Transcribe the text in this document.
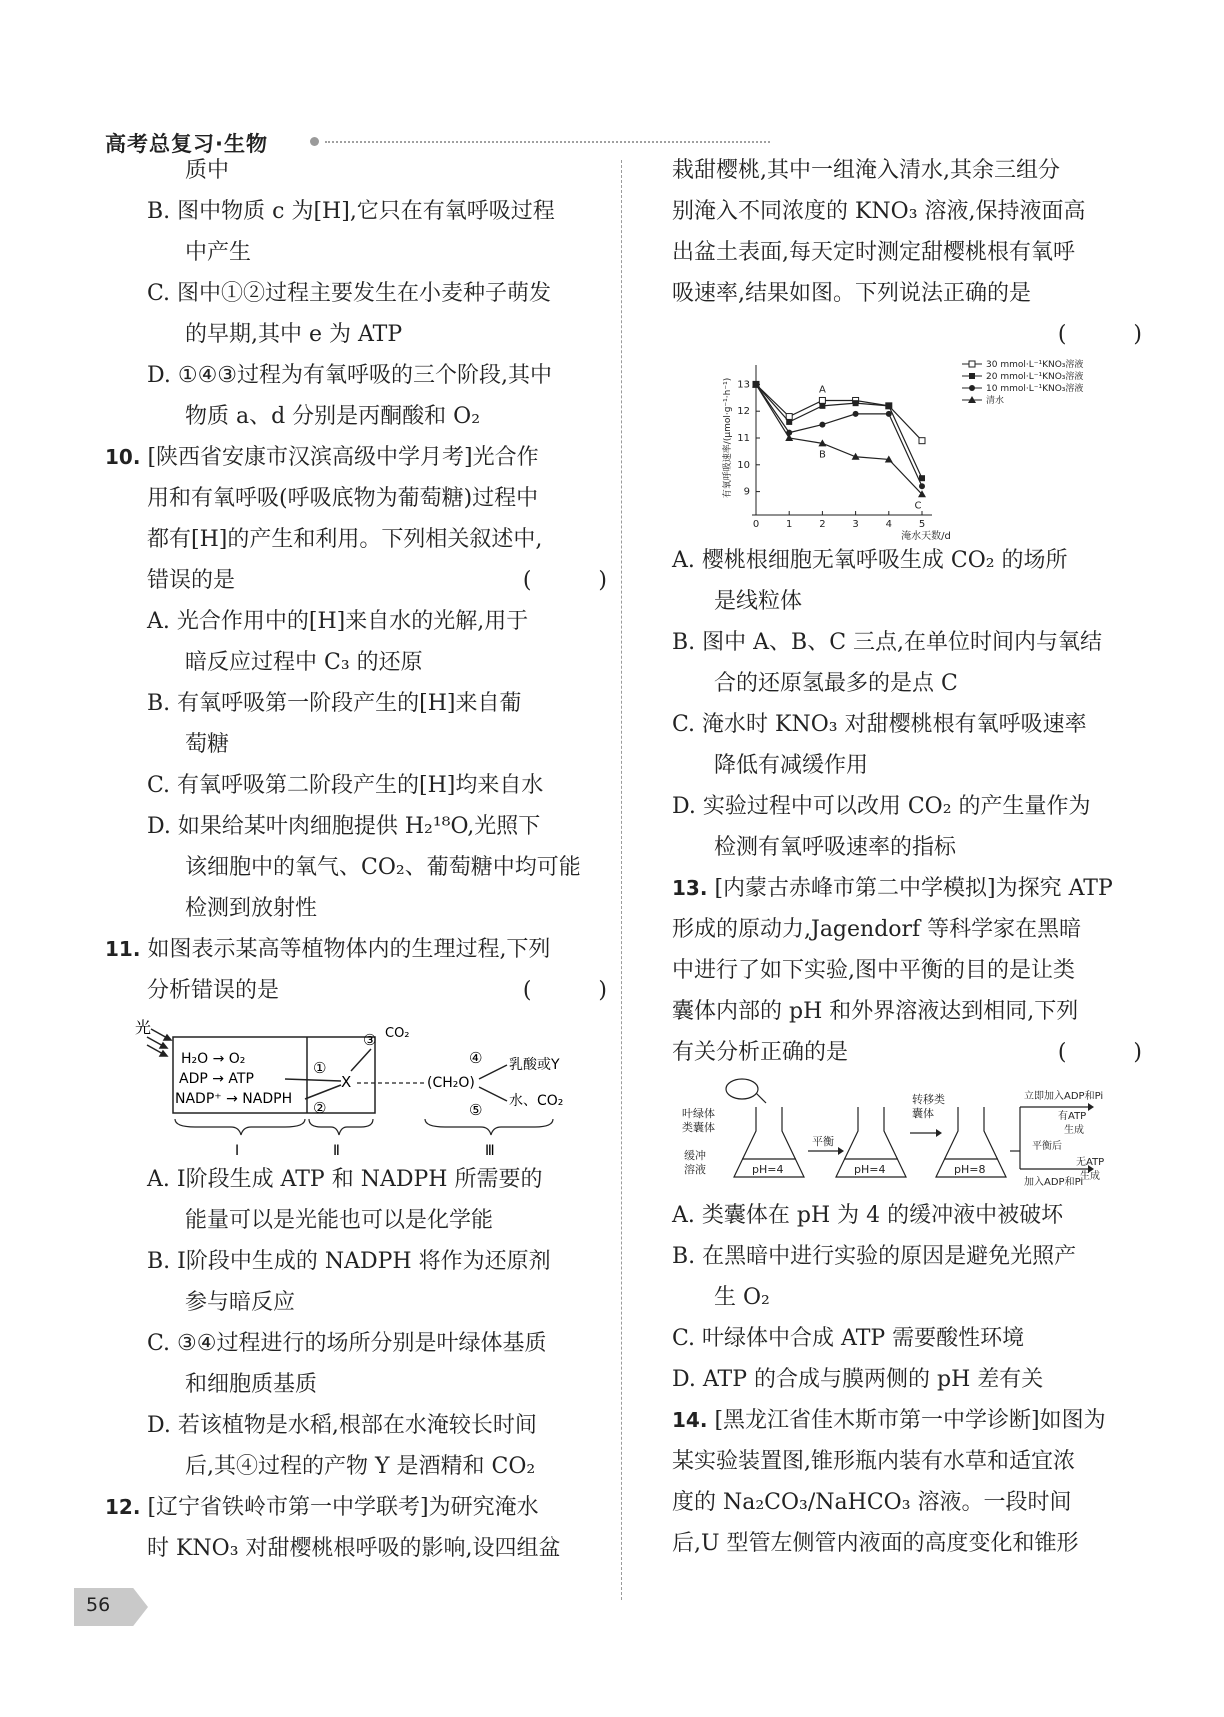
高考总复习·生物
质中
B. 图中物质 c 为[H],它只在有氧呼吸过程
中产生
C. 图中①②过程主要发生在小麦种子萌发
的早期,其中 e 为 ATP
D. ①④③过程为有氧呼吸的三个阶段,其中
物质 a、d 分别是丙酮酸和 O₂
10. [陕西省安康市汉滨高级中学月考]光合作
用和有氧呼吸(呼吸底物为葡萄糖)过程中
都有[H]的产生和利用。下列相关叙述中,
错误的是	( )
A. 光合作用中的[H]来自水的光解,用于
暗反应过程中 C₃ 的还原
B. 有氧呼吸第一阶段产生的[H]来自葡
萄糖
C. 有氧呼吸第二阶段产生的[H]均来自水
D. 如果给某叶肉细胞提供 H₂¹⁸O,光照下
该细胞中的氧气、CO₂、葡萄糖中均可能
检测到放射性
11. 如图表示某高等植物体内的生理过程,下列
分析错误的是	( )
光
H₂O → O₂
ADP → ATP
NADP⁺ → NADPH
①
②
X
③ CO₂
(CH₂O)
④
⑤
乳酸或Y
水、CO₂
Ⅰ	Ⅱ	Ⅲ
A. Ⅰ阶段生成 ATP 和 NADPH 所需要的
能量可以是光能也可以是化学能
B. Ⅰ阶段中生成的 NADPH 将作为还原剂
参与暗反应
C. ③④过程进行的场所分别是叶绿体基质
和细胞质基质
D. 若该植物是水稻,根部在水淹较长时间
后,其④过程的产物 Y 是酒精和 CO₂
12. [辽宁省铁岭市第一中学联考]为研究淹水
时 KNO₃ 对甜樱桃根呼吸的影响,设四组盆
栽甜樱桃,其中一组淹入清水,其余三组分
别淹入不同浓度的 KNO₃ 溶液,保持液面高
出盆土表面,每天定时测定甜樱桃根有氧呼
吸速率,结果如图。下列说法正确的是
( )
9
10
11
12
13
0	1	2	3	4	5
淹水天数/d
有氧呼吸速率/(μmol·g⁻¹·h⁻¹)
30 mmol·L⁻¹KNO₃溶液
20 mmol·L⁻¹KNO₃溶液
10 mmol·L⁻¹KNO₃溶液
清水
A
B
C
A. 樱桃根细胞无氧呼吸生成 CO₂ 的场所
是线粒体
B. 图中 A、B、C 三点,在单位时间内与氧结
合的还原氢最多的是点 C
C. 淹水时 KNO₃ 对甜樱桃根有氧呼吸速率
降低有减缓作用
D. 实验过程中可以改用 CO₂ 的产生量作为
检测有氧呼吸速率的指标
13. [内蒙古赤峰市第二中学模拟]为探究 ATP
形成的原动力,Jagendorf 等科学家在黑暗
中进行了如下实验,图中平衡的目的是让类
囊体内部的 pH 和外界溶液达到相同,下列
有关分析正确的是	( )
叶绿体
类囊体
缓冲
溶液	pH=4	pH=4	pH=8
平衡
转移类
囊体
立即加入ADP和Pi
有ATP
生成
平衡后
加入ADP和Pi
无ATP
生成
A. 类囊体在 pH 为 4 的缓冲液中被破坏
B. 在黑暗中进行实验的原因是避免光照产
生 O₂
C. 叶绿体中合成 ATP 需要酸性环境
D. ATP 的合成与膜两侧的 pH 差有关
14. [黑龙江省佳木斯市第一中学诊断]如图为
某实验装置图,锥形瓶内装有水草和适宜浓
度的 Na₂CO₃/NaHCO₃ 溶液。一段时间
后,U 型管左侧管内液面的高度变化和锥形
56
